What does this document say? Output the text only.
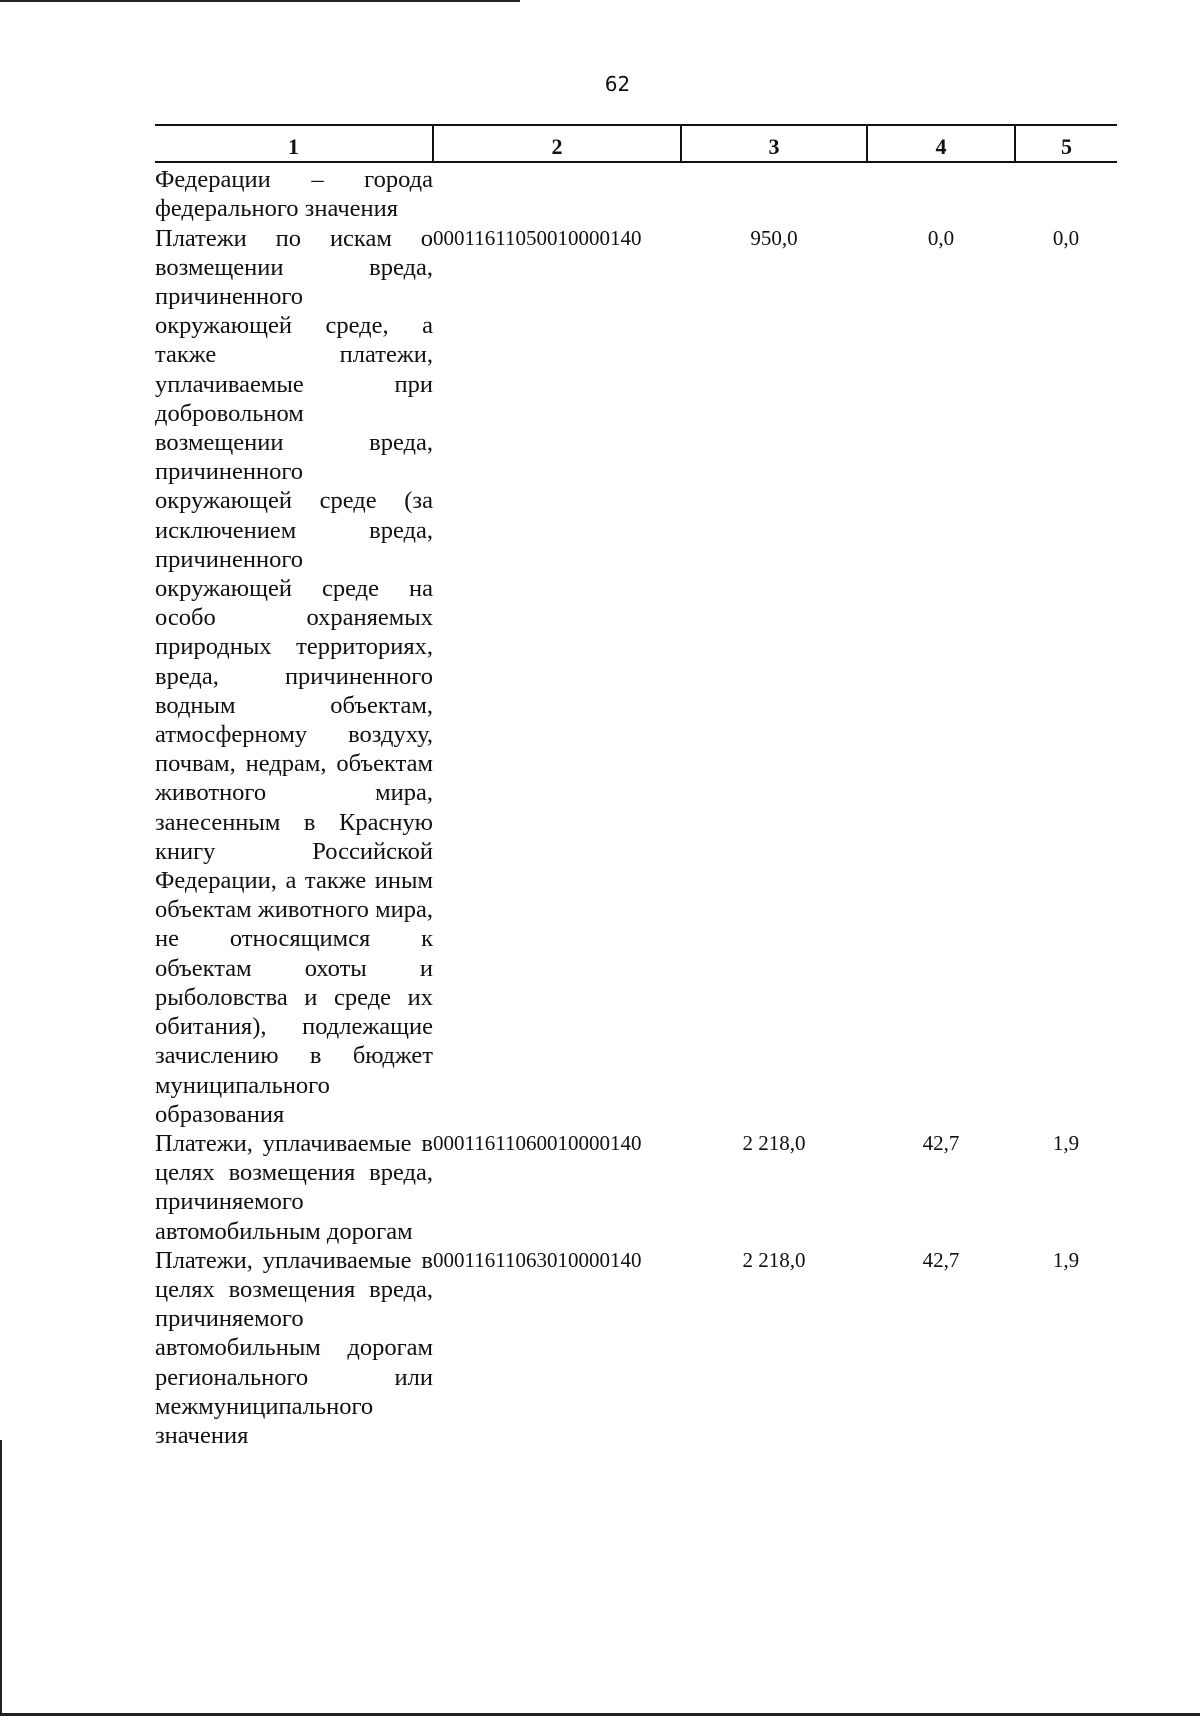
62
1	2	3	4	5
Федерации – города федерального значения				
Платежи по искам о возмещении вреда, причиненного окружающей среде, а также платежи, уплачиваемые при добровольном возмещении вреда, причиненного окружающей среде (за исключением вреда, причиненного окружающей среде на особо охраняемых природных территориях, вреда, причиненного водным объектам, атмосферному воздуху, почвам, недрам, объектам животного мира, занесенным в Красную книгу Российской Федерации, а также иным объектам животного мира, не относящимся к объектам охоты и рыболовства и среде их обитания), подлежащие зачислению в бюджет муниципального образования	00011611050010000140	950,0	0,0	0,0
Платежи, уплачиваемые в целях возмещения вреда, причиняемого автомобильным дорогам	00011611060010000140	2 218,0	42,7	1,9
Платежи, уплачиваемые в целях возмещения вреда, причиняемого автомобильным дорогам регионального или межмуниципального значения	00011611063010000140	2 218,0	42,7	1,9
